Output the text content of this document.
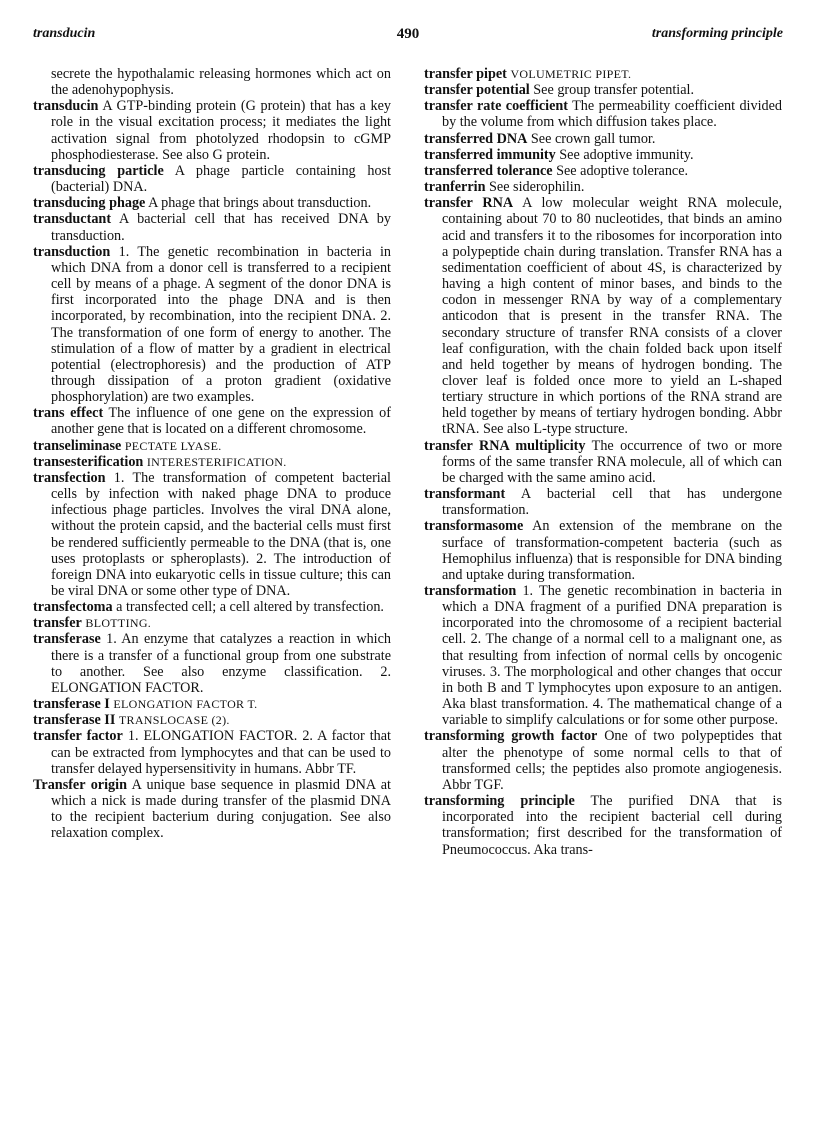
transducin	490	transforming principle

secrete the hypothalamic releasing hormones which act on the adenohypophysis.

transducin A GTP-binding protein (G protein) that has a key role in the visual excitation process; it mediates the light activation signal from photolyzed rhodopsin to cGMP phosphodiesterase. See also G protein.

transducing particle A phage particle containing host (bacterial) DNA.

transducing phage A phage that brings about transduction.

transductant A bacterial cell that has received DNA by transduction.

transduction 1. The genetic recombination in bacteria in which DNA from a donor cell is transferred to a recipient cell by means of a phage. A segment of the donor DNA is first incorporated into the phage DNA and is then incorporated, by recombination, into the recipient DNA. 2. The transformation of one form of energy to another. The stimulation of a flow of matter by a gradient in electrical potential (electrophoresis) and the production of ATP through dissipation of a proton gradient (oxidative phosphorylation) are two examples.

trans effect The influence of one gene on the expression of another gene that is located on a different chromosome.

transeliminase PECTATE LYASE.

transesterification INTERESTERIFICATION.

transfection 1. The transformation of competent bacterial cells by infection with naked phage DNA to produce infectious phage particles. Involves the viral DNA alone, without the protein capsid, and the bacterial cells must first be rendered sufficiently permeable to the DNA (that is, one uses protoplasts or spheroplasts). 2. The introduction of foreign DNA into eukaryotic cells in tissue culture; this can be viral DNA or some other type of DNA.

transfectoma a transfected cell; a cell altered by transfection.

transfer BLOTTING.

transferase 1. An enzyme that catalyzes a reaction in which there is a transfer of a functional group from one substrate to another. See also enzyme classification. 2. ELONGATION FACTOR.

transferase I ELONGATION FACTOR T.

transferase II TRANSLOCASE (2).

transfer factor 1. ELONGATION FACTOR. 2. A factor that can be extracted from lymphocytes and that can be used to transfer delayed hypersensitivity in humans. Abbr TF.

Transfer origin A unique base sequence in plasmid DNA at which a nick is made during transfer of the plasmid DNA to the recipient bacterium during conjugation. See also relaxation complex.

transfer pipet VOLUMETRIC PIPET.

transfer potential See group transfer potential.

transfer rate coefficient The permeability coefficient divided by the volume from which diffusion takes place.

transferred DNA See crown gall tumor.

transferred immunity See adoptive immunity.

transferred tolerance See adoptive tolerance.

tranferrin See siderophilin.

transfer RNA A low molecular weight RNA molecule, containing about 70 to 80 nucleotides, that binds an amino acid and transfers it to the ribosomes for incorporation into a polypeptide chain during translation. Transfer RNA has a sedimentation coefficient of about 4S, is characterized by having a high content of minor bases, and binds to the codon in messenger RNA by way of a complementary anticodon that is present in the transfer RNA. The secondary structure of transfer RNA consists of a clover leaf configuration, with the chain folded back upon itself and held together by means of hydrogen bonding. The clover leaf is folded once more to yield an L-shaped tertiary structure in which portions of the RNA strand are held together by means of tertiary hydrogen bonding. Abbr tRNA. See also L-type structure.

transfer RNA multiplicity The occurrence of two or more forms of the same transfer RNA molecule, all of which can be charged with the same amino acid.

transformant A bacterial cell that has undergone transformation.

transformasome An extension of the membrane on the surface of transformation-competent bacteria (such as Hemophilus influenza) that is responsible for DNA binding and uptake during transformation.

transformation 1. The genetic recombination in bacteria in which a DNA fragment of a purified DNA preparation is incorporated into the chromosome of a recipient bacterial cell. 2. The change of a normal cell to a malignant one, as that resulting from infection of normal cells by oncogenic viruses. 3. The morphological and other changes that occur in both B and T lymphocytes upon exposure to an antigen. Aka blast transformation. 4. The mathematical change of a variable to simplify calculations or for some other purpose.

transforming growth factor One of two polypeptides that alter the phenotype of some normal cells to that of transformed cells; the peptides also promote angiogenesis. Abbr TGF.

transforming principle The purified DNA that is incorporated into the recipient bacterial cell during transformation; first described for the transformation of Pneumococcus. Aka trans-
